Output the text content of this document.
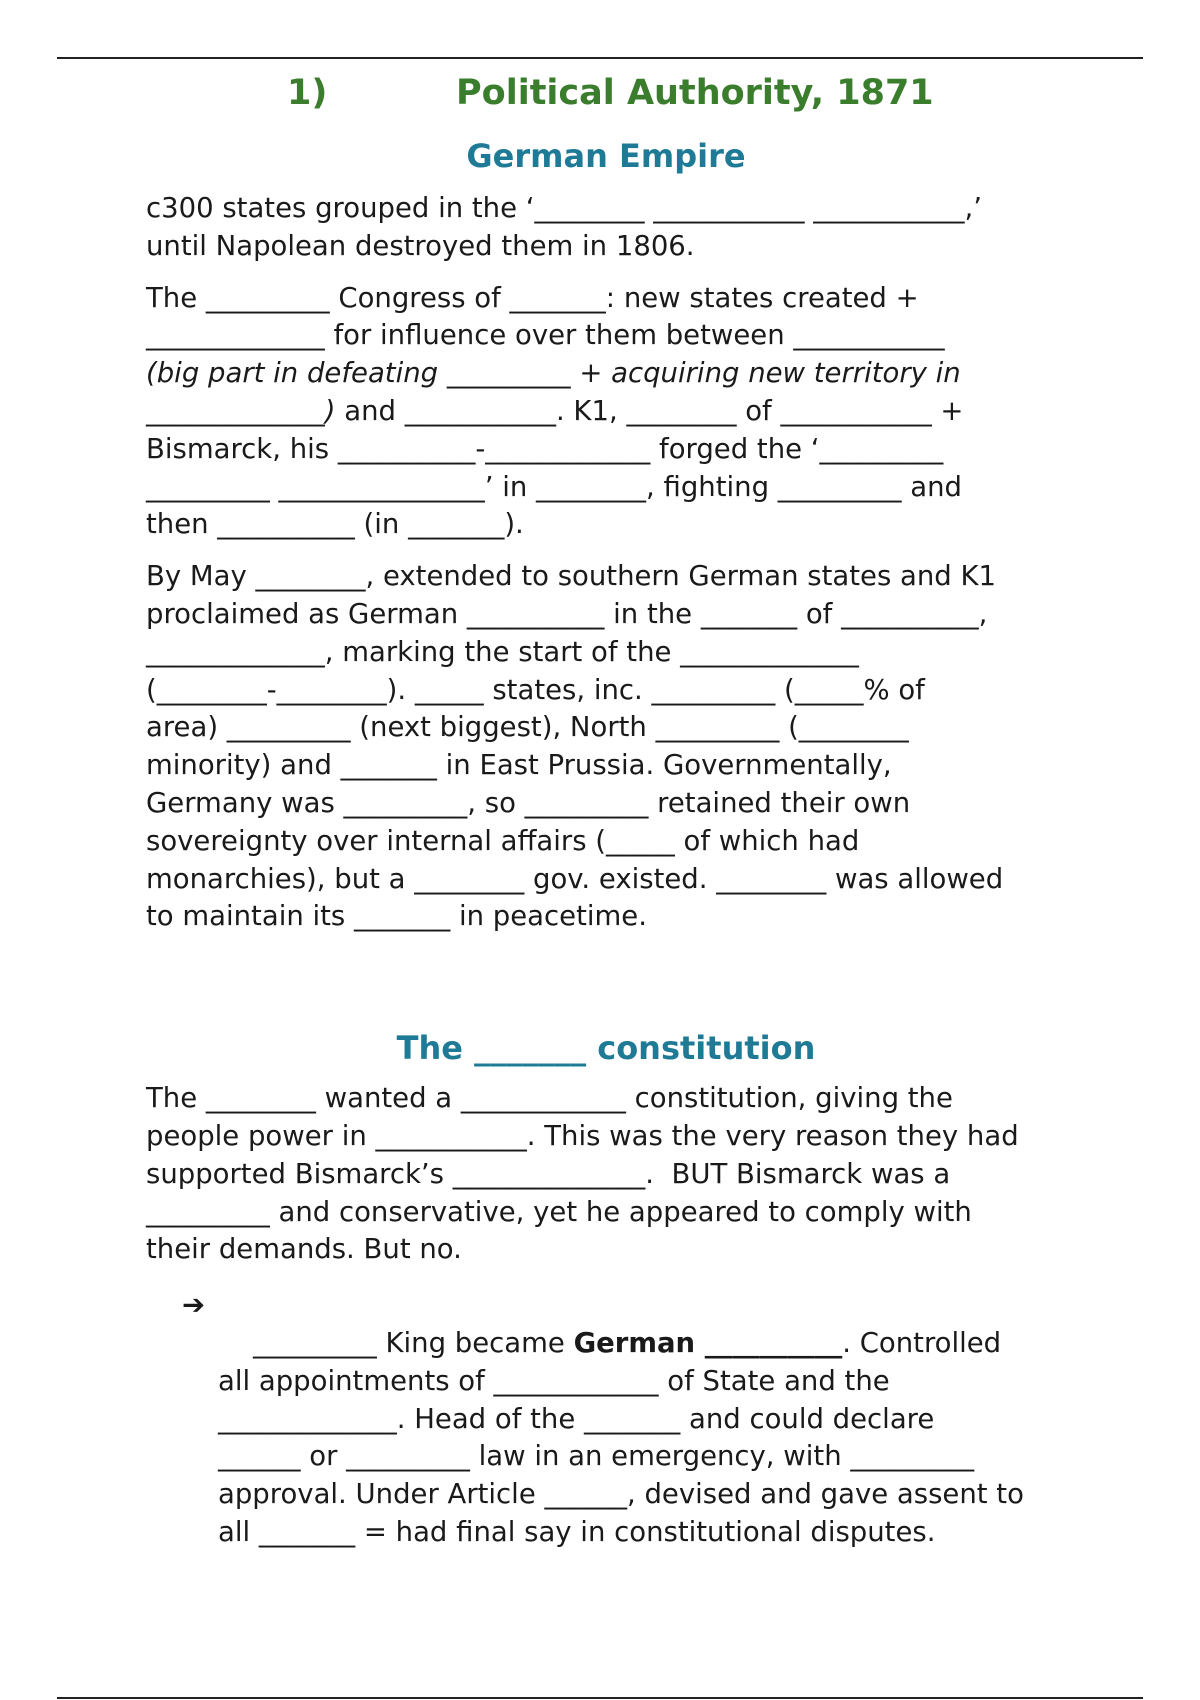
1)	Political Authority, 1871
German Empire

c300 states grouped in the ‘________ ___________ ___________,’
until Napolean destroyed them in 1806.

The _________ Congress of _______: new states created +
_____________ for influence over them between ___________
(big part in defeating _________ + acquiring new territory in
_____________) and ___________. K1, ________ of ___________ +
Bismarck, his __________-____________ forged the ‘_________
_________ _______________’ in ________, fighting _________ and
then __________ (in _______).

By May ________, extended to southern German states and K1
proclaimed as German __________ in the _______ of __________,
_____________, marking the start of the _____________
(________-________). _____ states, inc. _________ (_____% of
area) _________ (next biggest), North _________ (________
minority) and _______ in East Prussia. Governmentally,
Germany was _________, so _________ retained their own
sovereignty over internal affairs (_____ of which had
monarchies), but a ________ gov. existed. ________ was allowed
to maintain its _______ in peacetime.

The _______ constitution

The ________ wanted a ____________ constitution, giving the
people power in ___________. This was the very reason they had
supported Bismarck’s ______________.  BUT Bismarck was a
_________ and conservative, yet he appeared to comply with
their demands. But no.

➔
_________ King became German __________. Controlled
all appointments of ____________ of State and the
_____________. Head of the _______ and could declare
______ or _________ law in an emergency, with _________
approval. Under Article ______, devised and gave assent to
all _______ = had final say in constitutional disputes.
